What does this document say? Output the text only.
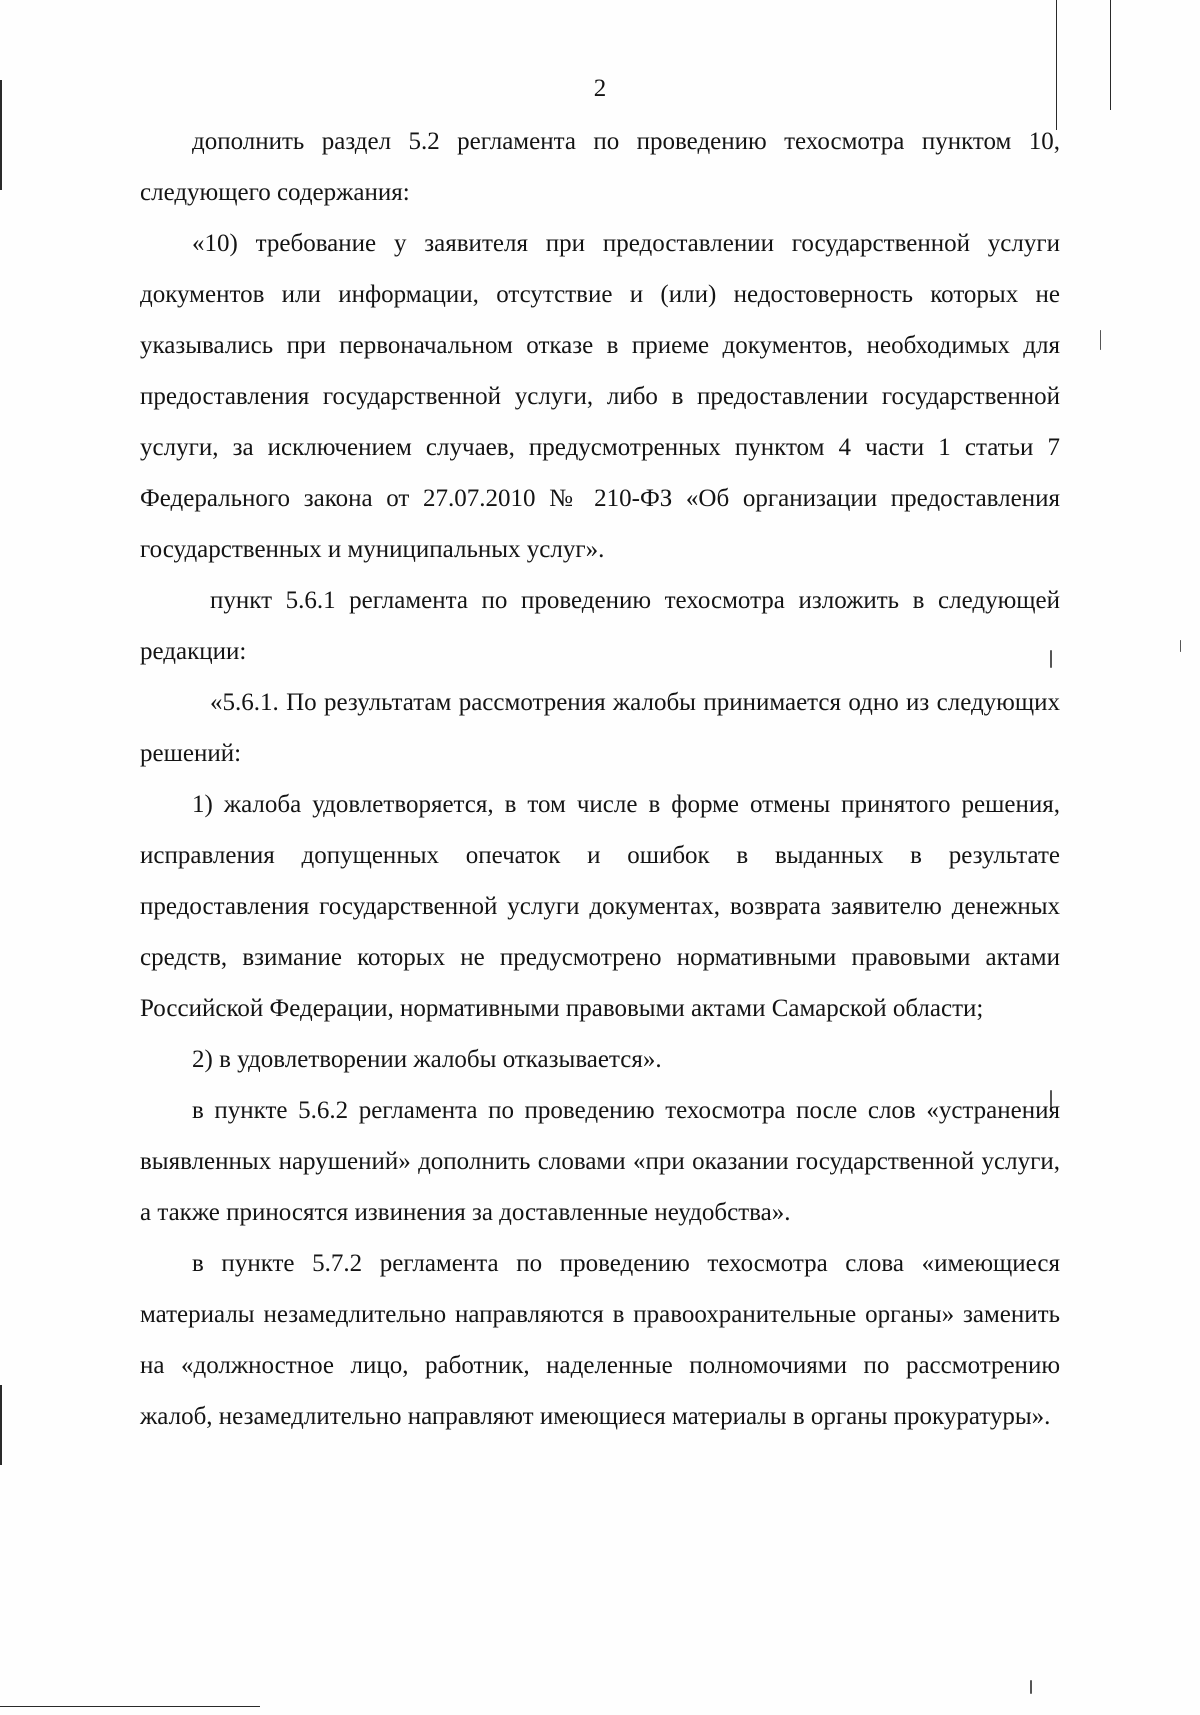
2

дополнить раздел 5.2 регламента по проведению техосмотра пунктом 10, следующего содержания:

«10) требование у заявителя при предоставлении государственной услуги документов или информации, отсутствие и (или) недостоверность которых не указывались при первоначальном отказе в приеме документов, необходимых для предоставления государственной услуги, либо в предоставлении государственной услуги, за исключением случаев, предусмотренных пунктом 4 части 1 статьи 7 Федерального закона от 27.07.2010 № 210-ФЗ «Об организации предоставления государственных и муниципальных услуг».

пункт 5.6.1 регламента по проведению техосмотра изложить в следующей редакции:

«5.6.1. По результатам рассмотрения жалобы принимается одно из следующих решений:

1) жалоба удовлетворяется, в том числе в форме отмены принятого решения, исправления допущенных опечаток и ошибок в выданных в результате предоставления государственной услуги документах, возврата заявителю денежных средств, взимание которых не предусмотрено нормативными правовыми актами Российской Федерации, нормативными правовыми актами Самарской области;

2) в удовлетворении жалобы отказывается».

в пункте 5.6.2 регламента по проведению техосмотра после слов «устранения выявленных нарушений» дополнить словами «при оказании государственной услуги, а также приносятся извинения за доставленные неудобства».

в пункте 5.7.2 регламента по проведению техосмотра слова «имеющиеся материалы незамедлительно направляются в правоохранительные органы» заменить на «должностное лицо, работник, наделенные полномочиями по рассмотрению жалоб, незамедлительно направляют имеющиеся материалы в органы прокуратуры».
